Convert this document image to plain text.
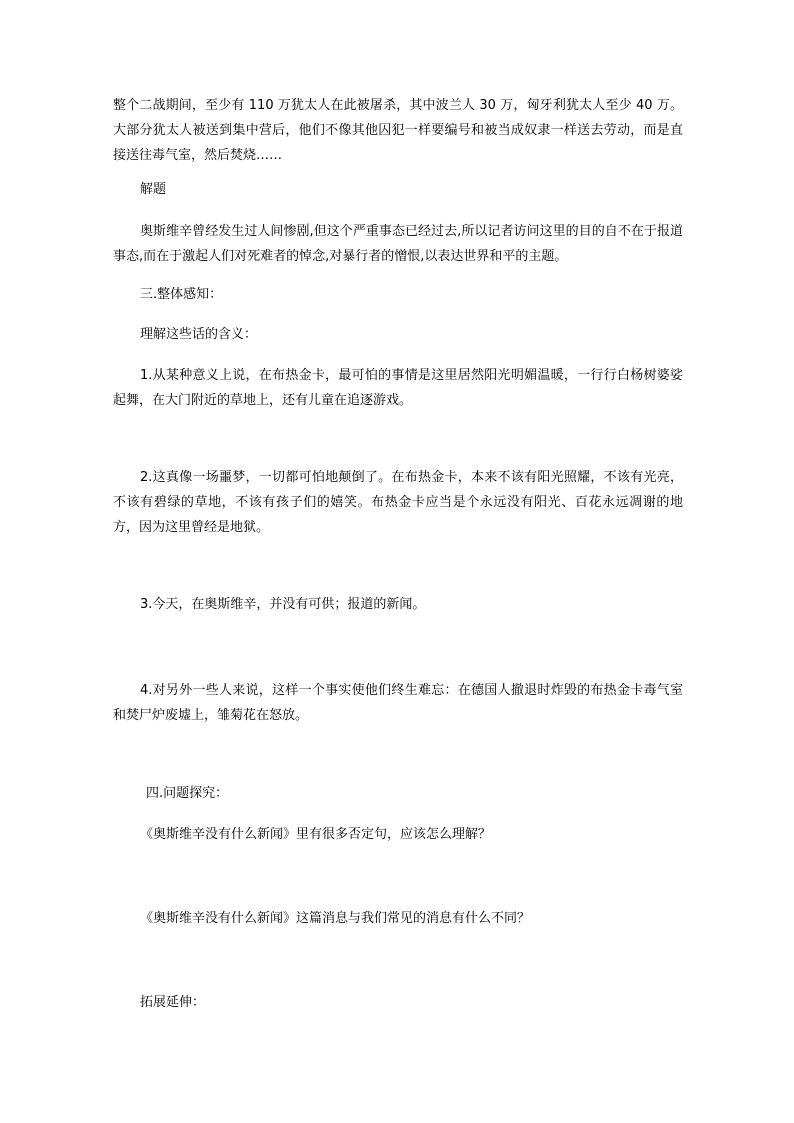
整个二战期间，至少有 110 万犹太人在此被屠杀，其中波兰人 30 万，匈牙利犹太人至少 40 万。大部分犹太人被送到集中营后，他们不像其他囚犯一样要编号和被当成奴隶一样送去劳动，而是直接送往毒气室，然后焚烧……

解题

奥斯维辛曾经发生过人间惨剧,但这个严重事态已经过去,所以记者访问这里的目的自不在于报道事态,而在于激起人们对死难者的悼念,对暴行者的憎恨,以表达世界和平的主题。

三.整体感知：

理解这些话的含义：

1.从某种意义上说，在布热金卡，最可怕的事情是这里居然阳光明媚温暖，一行行白杨树婆娑起舞，在大门附近的草地上，还有儿童在追逐游戏。

2.这真像一场噩梦，一切都可怕地颠倒了。在布热金卡，本来不该有阳光照耀，不该有光亮，不该有碧绿的草地，不该有孩子们的嬉笑。布热金卡应当是个永远没有阳光、百花永远凋谢的地方，因为这里曾经是地狱。

3.今天，在奥斯维辛，并没有可供；报道的新闻。

4.对另外一些人来说，这样一个事实使他们终生难忘：在德国人撤退时炸毁的布热金卡毒气室和焚尸炉废墟上，雏菊花在怒放。

四.问题探究：

《奥斯维辛没有什么新闻》里有很多否定句，应该怎么理解？

《奥斯维辛没有什么新闻》这篇消息与我们常见的消息有什么不同？

拓展延伸：
